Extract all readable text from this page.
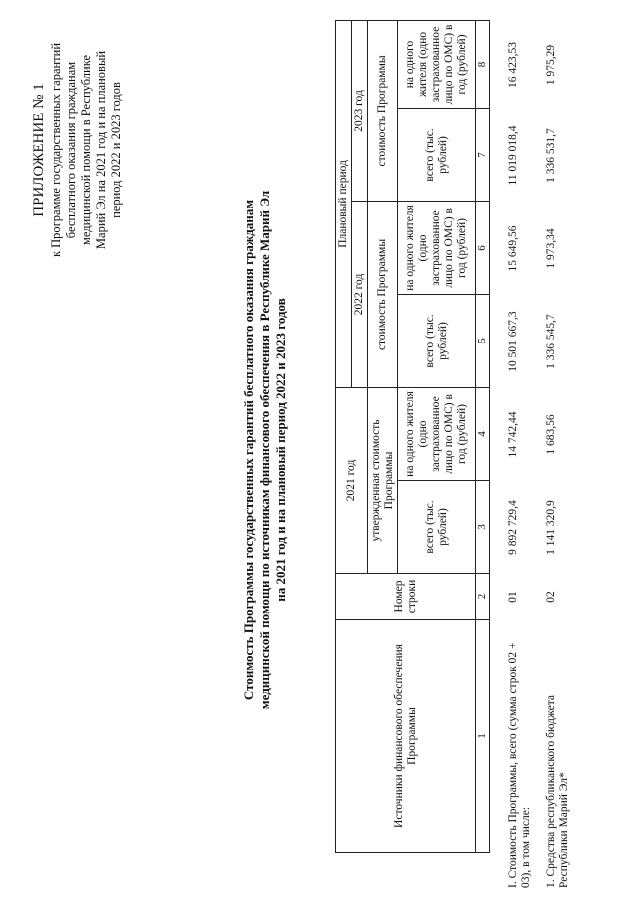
ПРИЛОЖЕНИЕ № 1 к Программе государственных гарантий бесплатного оказания гражданам медицинской помощи в Республике Марий Эл на 2021 год и на плановый период 2022 и 2023 годов
Стоимость Программы государственных гарантий бесплатного оказания гражданам медицинской помощи по источникам финансового обеспечения в Республике Марий Эл на 2021 год и на плановый период 2022 и 2023 годов
Источники финансового обеспечения Программы	Номер строки	2021 год		Плановый период			
				2022 год		2023 год	
		утвержденная стоимость Программы		стоимость Программы		стоимость Программы	
		всего (тыс. рублей)	на одного жителя (одно застрахованное лицо по ОМС) в год (рублей)	всего (тыс. рублей)	на одного жителя (одно застрахованное лицо по ОМС) в год (рублей)	всего (тыс. рублей)	на одного жителя (одно застрахованное лицо по ОМС) в год (рублей)
1	2	3	4	5	6	7	8
I. Стоимость Программы, всего (сумма строк 02 + 03), в том числе:	01	9 892 729,4	14 742,44	10 501 667,3	15 649,56	11 019 018,4	16 423,53
1. Средства республиканского бюджета Республики Марий Эл*	02	1 141 320,9	1 683,56	1 336 545,7	1 973,34	1 336 531,7	1 975,29
